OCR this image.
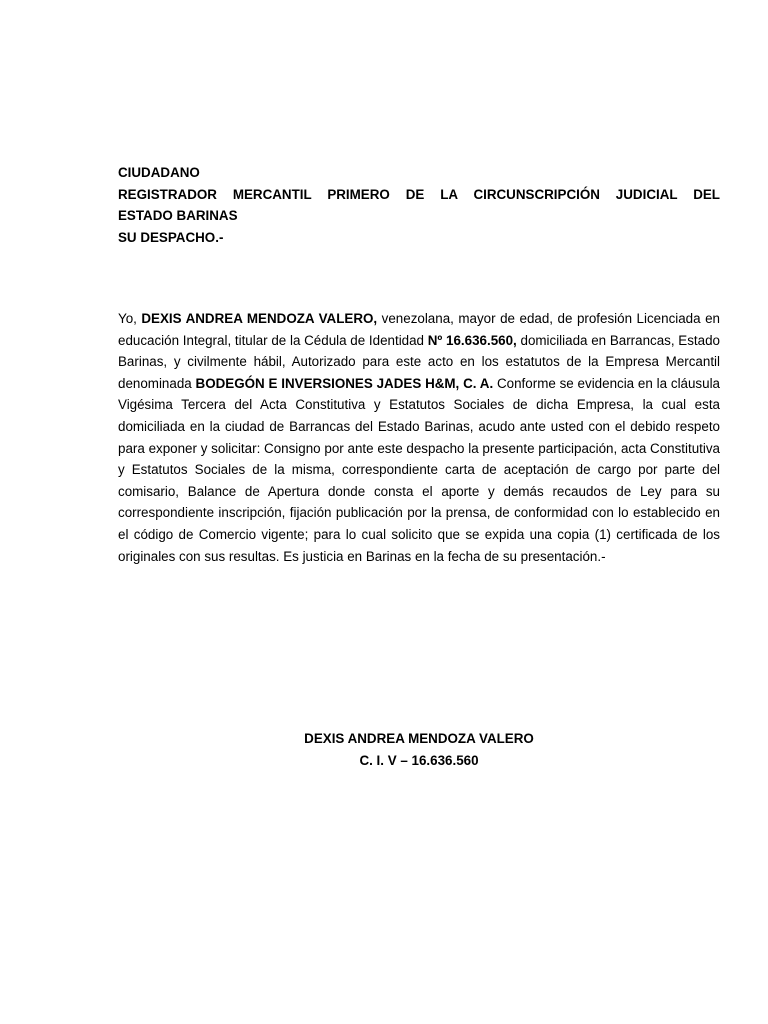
CIUDADANO
REGISTRADOR MERCANTIL PRIMERO DE LA CIRCUNSCRIPCIÓN JUDICIAL DEL
ESTADO BARINAS
SU DESPACHO.-

Yo, DEXIS ANDREA MENDOZA VALERO, venezolana, mayor de edad, de profesión Licenciada en educación Integral, titular de la Cédula de Identidad Nº 16.636.560, domiciliada en Barrancas, Estado Barinas, y civilmente hábil, Autorizado para este acto en los estatutos de la Empresa Mercantil denominada BODEGÓN E INVERSIONES JADES H&M, C. A. Conforme se evidencia en la cláusula Vigésima Tercera del Acta Constitutiva y Estatutos Sociales de dicha Empresa, la cual esta domiciliada en la ciudad de Barrancas del Estado Barinas, acudo ante usted con el debido respeto para exponer y solicitar: Consigno por ante este despacho la presente participación, acta Constitutiva y Estatutos Sociales de la misma, correspondiente carta de aceptación de cargo por parte del comisario, Balance de Apertura donde consta el aporte y demás recaudos de Ley para su correspondiente inscripción, fijación publicación por la prensa, de conformidad con lo establecido en el código de Comercio vigente; para lo cual solicito que se expida una copia (1) certificada de los originales con sus resultas. Es justicia en Barinas en la fecha de su presentación.-

DEXIS ANDREA MENDOZA VALERO
C. I. V – 16.636.560
